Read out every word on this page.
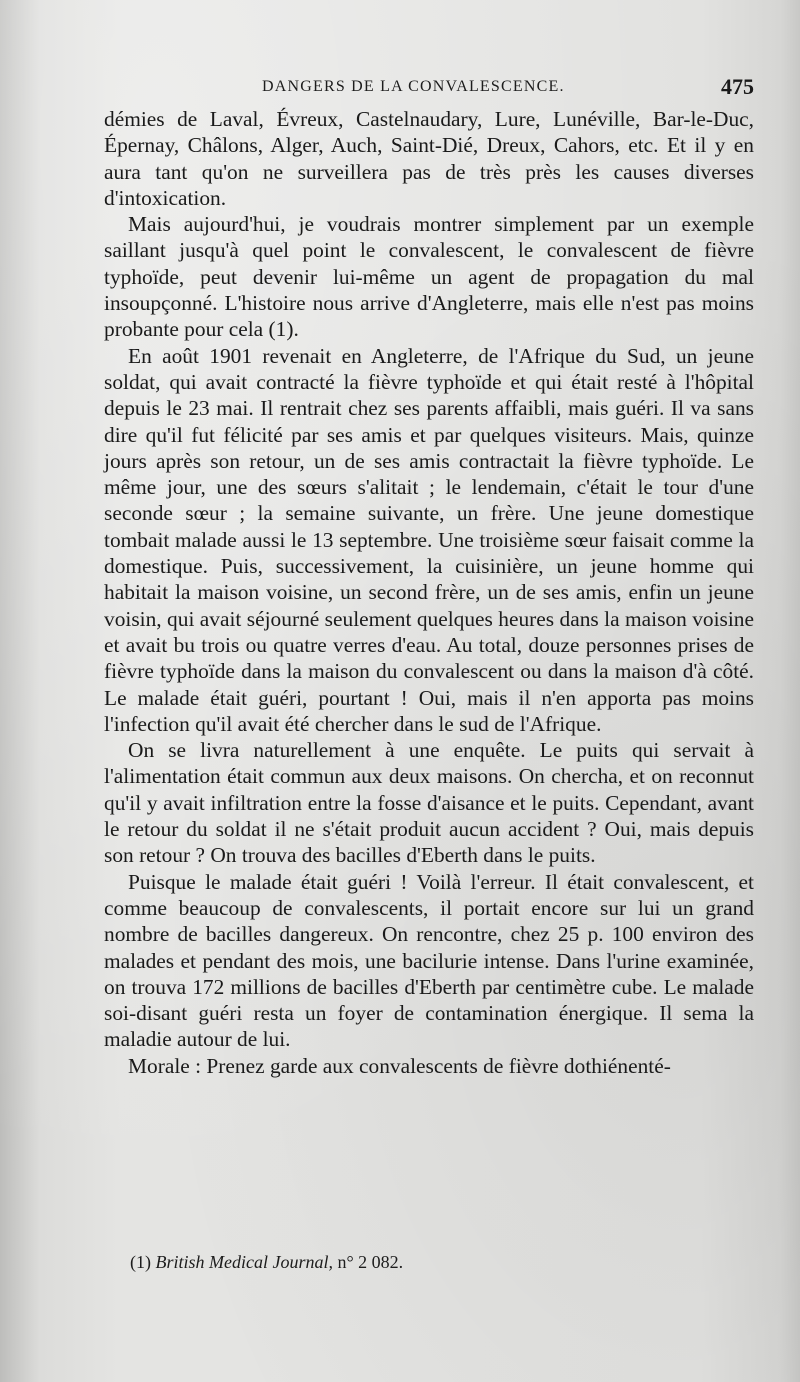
DANGERS DE LA CONVALESCENCE.	475

démies de Laval, Évreux, Castelnaudary, Lure, Lunéville, Bar-le-Duc, Épernay, Châlons, Alger, Auch, Saint-Dié, Dreux, Cahors, etc. Et il y en aura tant qu'on ne surveillera pas de très près les causes diverses d'intoxication.

Mais aujourd'hui, je voudrais montrer simplement par un exemple saillant jusqu'à quel point le convalescent, le convalescent de fièvre typhoïde, peut devenir lui-même un agent de propagation du mal insoupçonné. L'histoire nous arrive d'Angleterre, mais elle n'est pas moins probante pour cela (1).

En août 1901 revenait en Angleterre, de l'Afrique du Sud, un jeune soldat, qui avait contracté la fièvre typhoïde et qui était resté à l'hôpital depuis le 23 mai. Il rentrait chez ses parents affaibli, mais guéri. Il va sans dire qu'il fut félicité par ses amis et par quelques visiteurs. Mais, quinze jours après son retour, un de ses amis contractait la fièvre typhoïde. Le même jour, une des sœurs s'alitait ; le lendemain, c'était le tour d'une seconde sœur ; la semaine suivante, un frère. Une jeune domestique tombait malade aussi le 13 septembre. Une troisième sœur faisait comme la domestique. Puis, successivement, la cuisinière, un jeune homme qui habitait la maison voisine, un second frère, un de ses amis, enfin un jeune voisin, qui avait séjourné seulement quelques heures dans la maison voisine et avait bu trois ou quatre verres d'eau. Au total, douze personnes prises de fièvre typhoïde dans la maison du convalescent ou dans la maison d'à côté. Le malade était guéri, pourtant ! Oui, mais il n'en apporta pas moins l'infection qu'il avait été chercher dans le sud de l'Afrique.

On se livra naturellement à une enquête. Le puits qui servait à l'alimentation était commun aux deux maisons. On chercha, et on reconnut qu'il y avait infiltration entre la fosse d'aisance et le puits. Cependant, avant le retour du soldat il ne s'était produit aucun accident ? Oui, mais depuis son retour ? On trouva des bacilles d'Eberth dans le puits.

Puisque le malade était guéri ! Voilà l'erreur. Il était convalescent, et comme beaucoup de convalescents, il portait encore sur lui un grand nombre de bacilles dangereux. On rencontre, chez 25 p. 100 environ des malades et pendant des mois, une bacilurie intense. Dans l'urine examinée, on trouva 172 millions de bacilles d'Eberth par centimètre cube. Le malade soi-disant guéri resta un foyer de contamination énergique. Il sema la maladie autour de lui.

Morale : Prenez garde aux convalescents de fièvre dothiénenté-

(1) British Medical Journal, n° 2 082.
